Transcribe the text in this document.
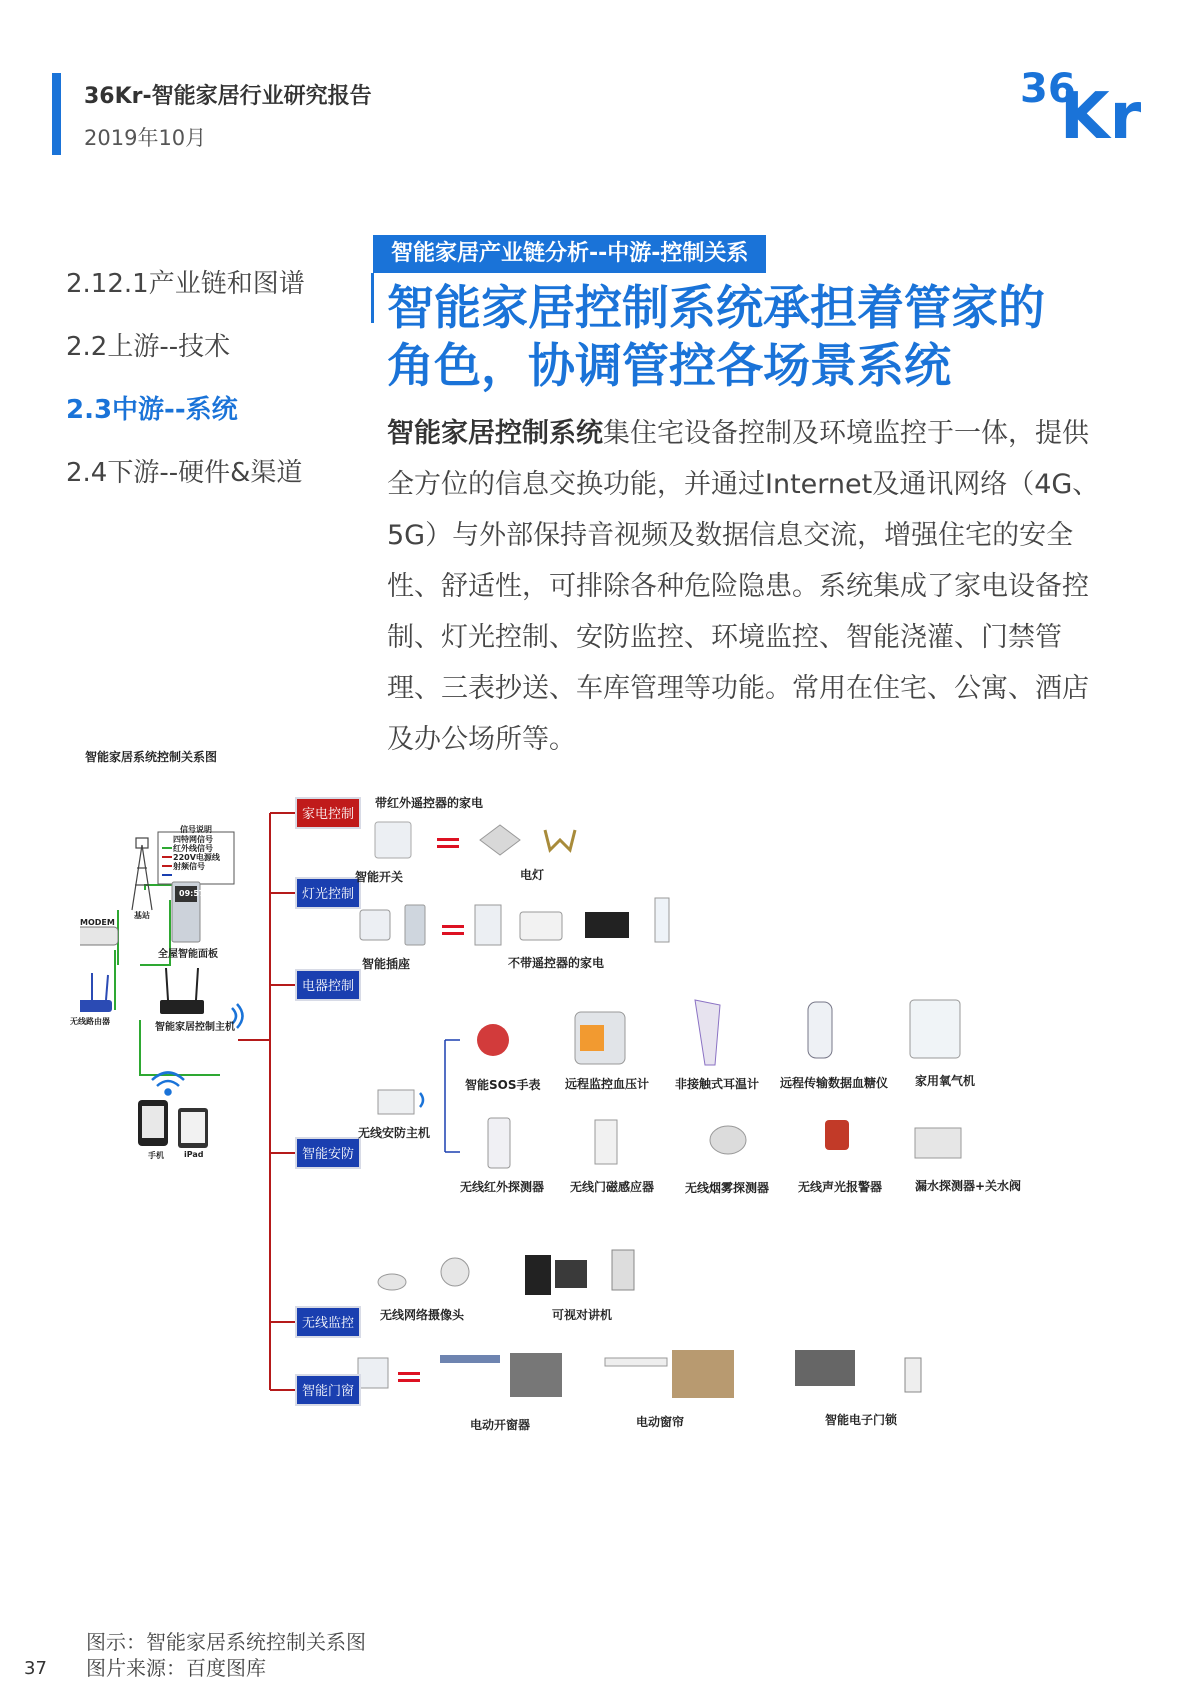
36Kr-智能家居行业研究报告
2019年10月
36
Kr
2.12.1产业链和图谱
2.2上游--技术
2.3中游--系统
2.4下游--硬件&渠道
智能家居产业链分析--中游-控制关系
智能家居控制系统承担着管家的
角色，协调管控各场景系统
智能家居控制系统集住宅设备控制及环境监控于一体，提供全方位的信息交换功能，并通过Internet及通讯网络（4G、5G）与外部保持音视频及数据信息交流，增强住宅的安全性、舒适性，可排除各种危险隐患。系统集成了家电设备控制、灯光控制、安防监控、环境监控、智能浇灌、门禁管理、三表抄送、车库管理等功能。常用在住宅、公寓、酒店及办公场所等。
智能家居系统控制关系图
信号说明
四特网信号
红外线信号
220V电源线
射频信号
基站
MODEM
09:57
全屋智能面板
无线路由器
智能家居控制主机
手机	iPad
家电控制
灯光控制
电器控制
智能安防
无线监控
智能门窗
带红外遥控器的家电
智能开关	电灯
智能插座	不带遥控器的家电
无线安防主机
智能SOS手表 远程监控血压计 非接触式耳温计 远程传输数据血糖仪 家用氧气机
无线红外探测器 无线门磁感应器	无线烟雾探测器 无线声光报警器	漏水探测器+关水阀
无线网络摄像头	可视对讲机
电动开窗器	电动窗帘	智能电子门锁
图示：智能家居系统控制关系图
图片来源：百度图库
37
